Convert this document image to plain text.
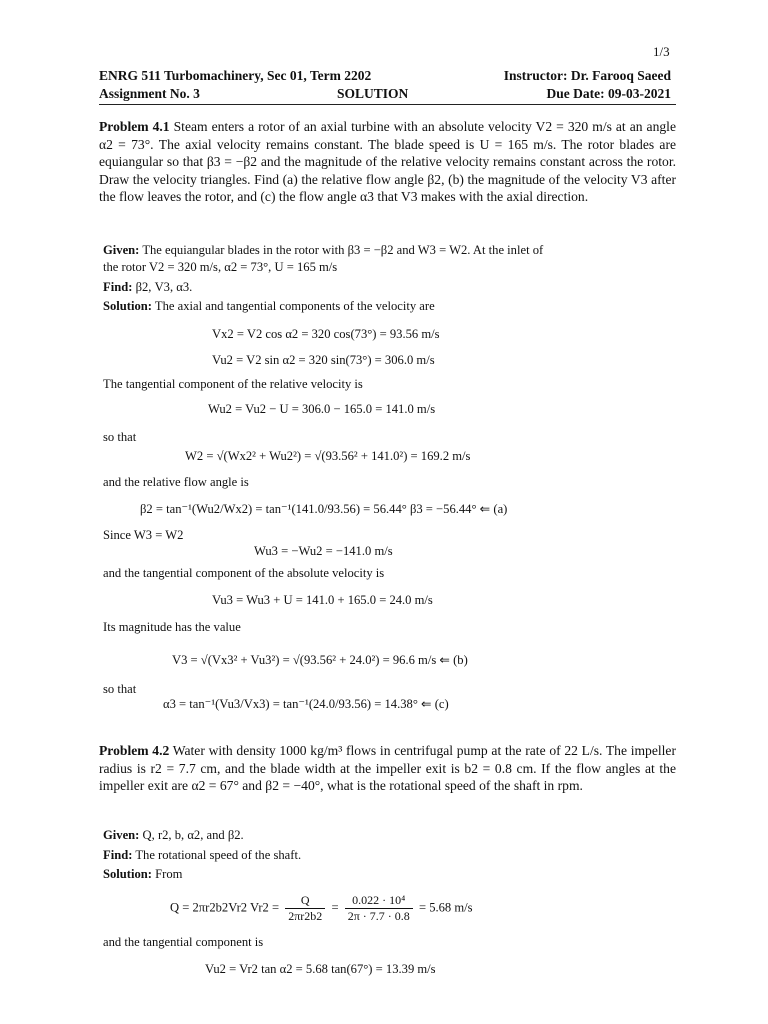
1/3
ENRG 511 Turbomachinery, Sec 01, Term 2202	Instructor: Dr. Farooq Saeed
Assignment No. 3	SOLUTION	Due Date: 09-03-2021
Problem 4.1 Steam enters a rotor of an axial turbine with an absolute velocity V2 = 320 m/s at an angle α2 = 73°. The axial velocity remains constant. The blade speed is U = 165 m/s. The rotor blades are equiangular so that β3 = −β2 and the magnitude of the relative velocity remains constant across the rotor. Draw the velocity triangles. Find (a) the relative flow angle β2, (b) the magnitude of the velocity V3 after the flow leaves the rotor, and (c) the flow angle α3 that V3 makes with the axial direction.
Given: The equiangular blades in the rotor with β3 = −β2 and W3 = W2. At the inlet of
the rotor V2 = 320 m/s, α2 = 73°, U = 165 m/s
Find: β2, V3, α3.
Solution: The axial and tangential components of the velocity are
Vx2 = V2 cos α2 = 320 cos(73°) = 93.56 m/s
Vu2 = V2 sin α2 = 320 sin(73°) = 306.0 m/s
The tangential component of the relative velocity is
Wu2 = Vu2 − U = 306.0 − 165.0 = 141.0 m/s
so that
W2 = √(Wx2² + Wu2²) = √(93.56² + 141.0²) = 169.2 m/s
and the relative flow angle is
β2 = tan⁻¹(Wu2/Wx2) = tan⁻¹(141.0/93.56) = 56.44° β3 = −56.44° ⇐ (a)
Since W3 = W2
Wu3 = −Wu2 = −141.0 m/s
and the tangential component of the absolute velocity is
Vu3 = Wu3 + U = 141.0 + 165.0 = 24.0 m/s
Its magnitude has the value
V3 = √(Vx3² + Vu3²) = √(93.56² + 24.0²) = 96.6 m/s ⇐ (b)
so that
α3 = tan⁻¹(Vu3/Vx3) = tan⁻¹(24.0/93.56) = 14.38° ⇐ (c)
Problem 4.2 Water with density 1000 kg/m³ flows in centrifugal pump at the rate of 22 L/s. The impeller radius is r2 = 7.7 cm, and the blade width at the impeller exit is b2 = 0.8 cm. If the flow angles at the impeller exit are α2 = 67° and β2 = −40°, what is the rotational speed of the shaft in rpm.
Given: Q, r2, b, α2, and β2.
Find: The rotational speed of the shaft.
Solution: From
Q = 2πr2b2Vr2 $Vr2 = \frac{Q}{2\pi r2b2} = \frac{\text{0.022 · 10⁴}}{2\pi \cdot 7.7 \cdot 0.8} = 5.68$ m/s
and the tangential component is
Vu2 = Vr2 tan α2 = 5.68 tan(67°) = 13.39 m/s
